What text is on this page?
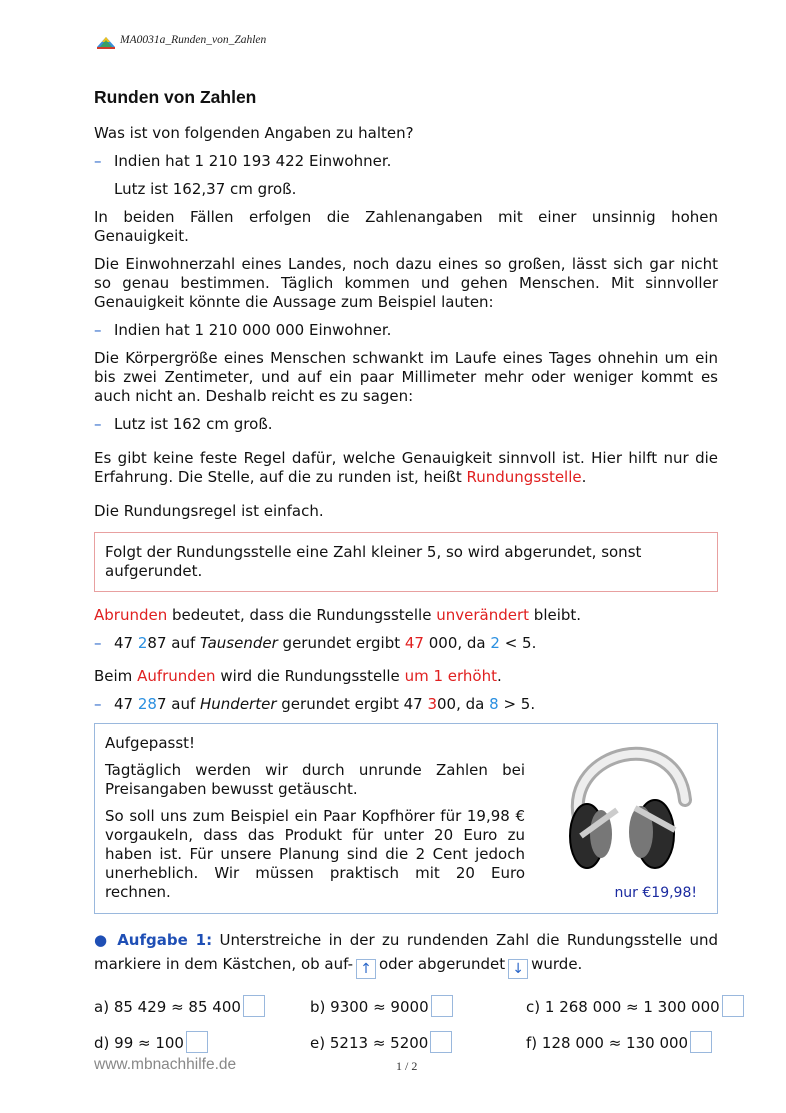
MA0031a_Runden_von_Zahlen
Runden von Zahlen

Was ist von folgenden Angaben zu halten?

– Indien hat 1 210 193 422 Einwohner.

Lutz ist 162,37 cm groß.

In beiden Fällen erfolgen die Zahlenangaben mit einer unsinnig hohen Genauigkeit.

Die Einwohnerzahl eines Landes, noch dazu eines so großen, lässt sich gar nicht so genau bestimmen. Täglich kommen und gehen Menschen. Mit sinnvoller Genauigkeit könnte die Aussage zum Beispiel lauten:

– Indien hat 1 210 000 000 Einwohner.

Die Körpergröße eines Menschen schwankt im Laufe eines Tages ohnehin um ein bis zwei Zentimeter, und auf ein paar Millimeter mehr oder weniger kommt es auch nicht an. Deshalb reicht es zu sagen:

– Lutz ist 162 cm groß.

Es gibt keine feste Regel dafür, welche Genauigkeit sinnvoll ist. Hier hilft nur die Erfahrung. Die Stelle, auf die zu runden ist, heißt Rundungsstelle.

Die Rundungsregel ist einfach.

Folgt der Rundungsstelle eine Zahl kleiner 5, so wird abgerundet, sonst aufgerundet.

Abrunden bedeutet, dass die Rundungsstelle unverändert bleibt.

– 47 287 auf Tausender gerundet ergibt 47 000, da 2 < 5.

Beim Aufrunden wird die Rundungsstelle um 1 erhöht.

– 47 287 auf Hunderter gerundet ergibt 47 300, da 8 > 5.

Aufgepasst!

Tagtäglich werden wir durch unrunde Zahlen bei Preisangaben bewusst getäuscht.

So soll uns zum Beispiel ein Paar Kopfhörer für 19,98 € vorgaukeln, dass das Produkt für unter 20 Euro zu haben ist. Für unsere Planung sind die 2 Cent jedoch unerheblich. Wir müssen praktisch mit 20 Euro rechnen.	nur €19,98!

● Aufgabe 1: Unterstreiche in der zu rundenden Zahl die Rundungsstelle und markiere in dem Kästchen, ob auf- ↑ oder abgerundet ↓ wurde.

a) 85 429 ≈ 85 400	b) 9300 ≈ 9000	c) 1 268 000 ≈ 1 300 000
d) 99 ≈ 100	e) 5213 ≈ 5200	f) 128 000 ≈ 130 000
www.mbnachhilfe.de	1 / 2
